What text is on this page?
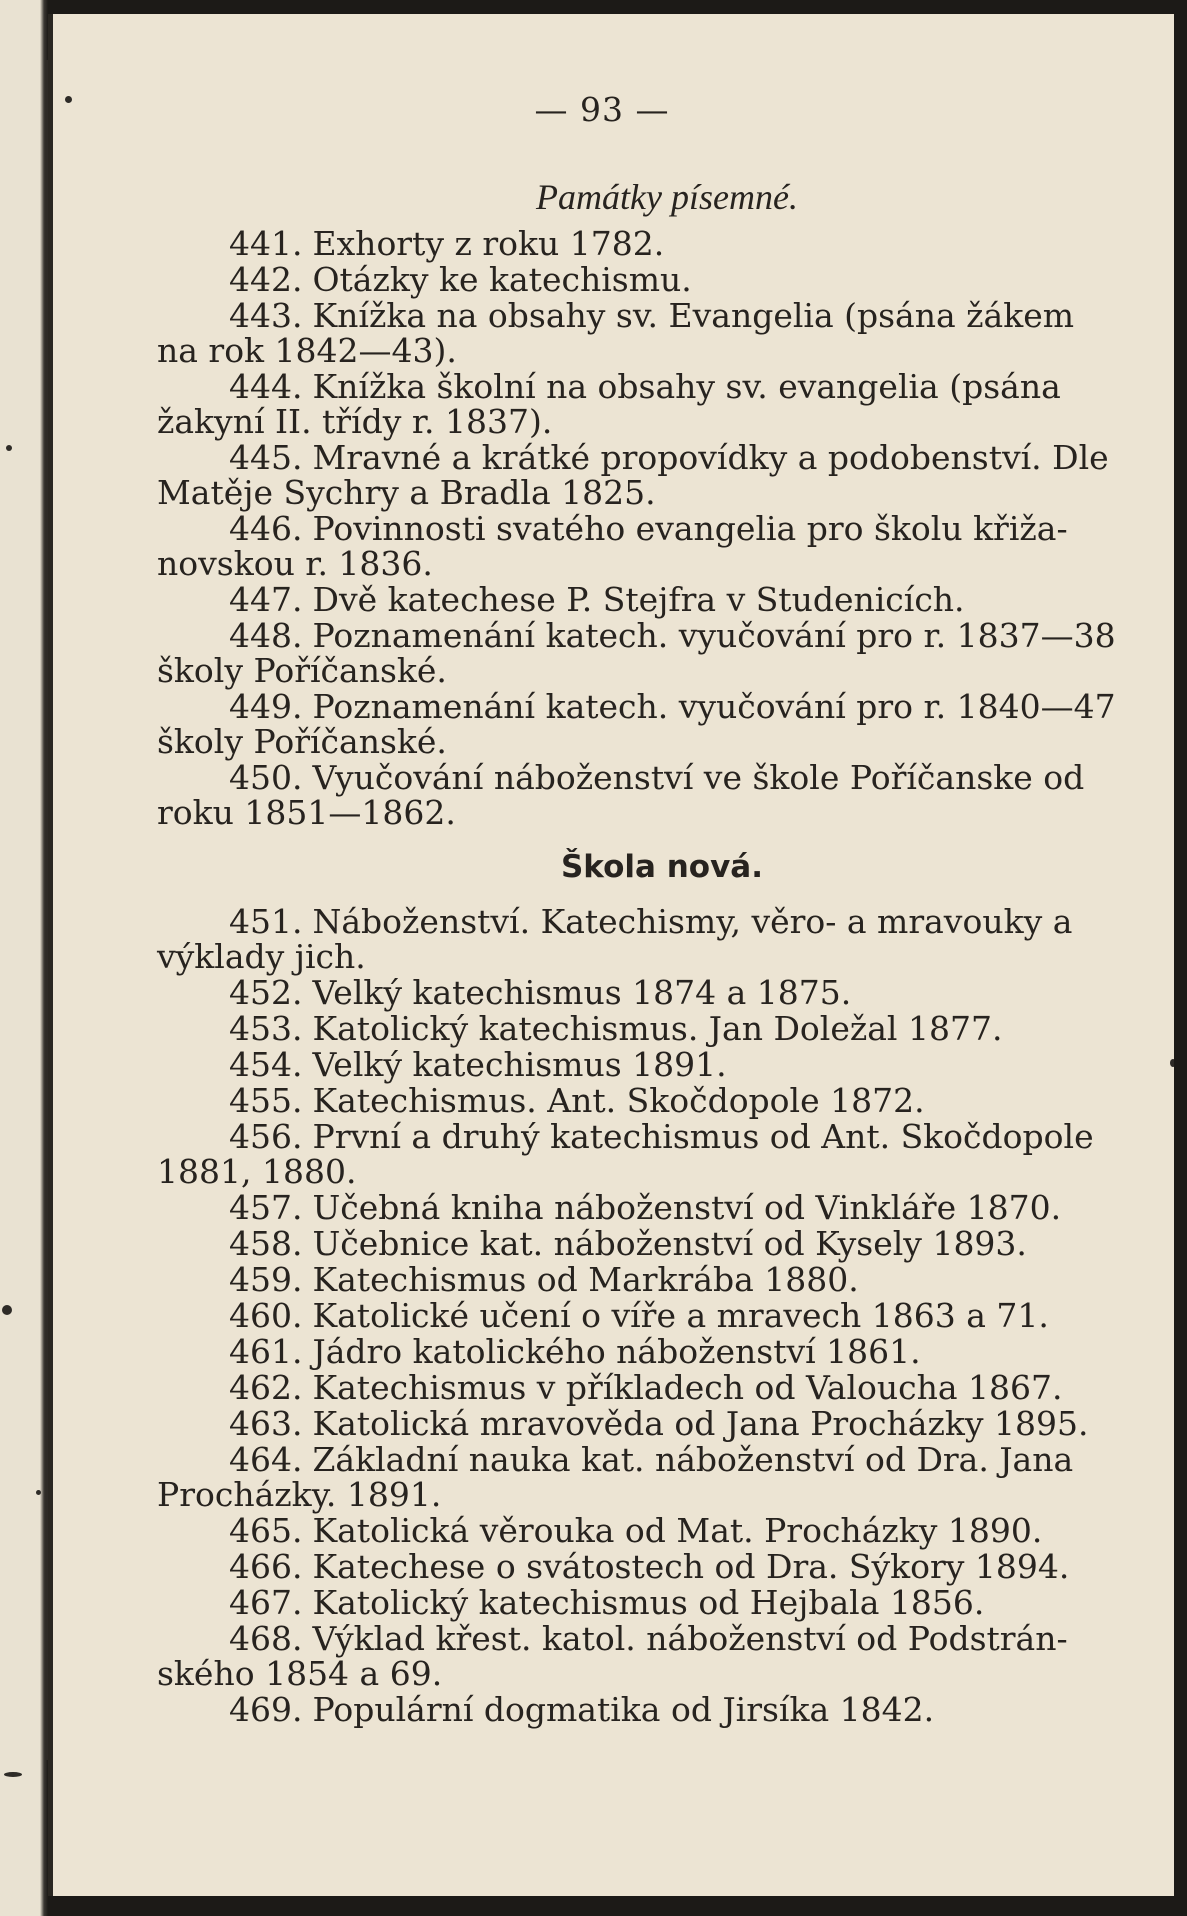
— 93 —
Památky písemné.
441. Exhorty z roku 1782.
442. Otázky ke katechismu.
443. Knížka na obsahy sv. Evangelia (psána žákem
na rok 1842—43).
444. Knížka školní na obsahy sv. evangelia (psána
žakyní II. třídy r. 1837).
445. Mravné a krátké propovídky a podobenství. Dle
Matěje Sychry a Bradla 1825.
446. Povinnosti svatého evangelia pro školu křiža-
novskou r. 1836.
447. Dvě katechese P. Stejfra v Studenicích.
448. Poznamenání katech. vyučování pro r. 1837—38
školy Poříčanské.
449. Poznamenání katech. vyučování pro r. 1840—47
školy Poříčanské.
450. Vyučování náboženství ve škole Poříčanske od
roku 1851—1862.
Škola nová.
451. Náboženství. Katechismy, věro- a mravouky a
výklady jich.
452. Velký katechismus 1874 a 1875.
453. Katolický katechismus. Jan Doležal 1877.
454. Velký katechismus 1891.
455. Katechismus. Ant. Skočdopole 1872.
456. První a druhý katechismus od Ant. Skočdopole
1881, 1880.
457. Učebná kniha náboženství od Vinkláře 1870.
458. Učebnice kat. náboženství od Kysely 1893.
459. Katechismus od Markrába 1880.
460. Katolické učení o víře a mravech 1863 a 71.
461. Jádro katolického náboženství 1861.
462. Katechismus v příkladech od Valoucha 1867.
463. Katolická mravověda od Jana Procházky 1895.
464. Základní nauka kat. náboženství od Dra. Jana
Procházky. 1891.
465. Katolická věrouka od Mat. Procházky 1890.
466. Katechese o svátostech od Dra. Sýkory 1894.
467. Katolický katechismus od Hejbala 1856.
468. Výklad křest. katol. náboženství od Podstrán-
ského 1854 a 69.
469. Populární dogmatika od Jirsíka 1842.
